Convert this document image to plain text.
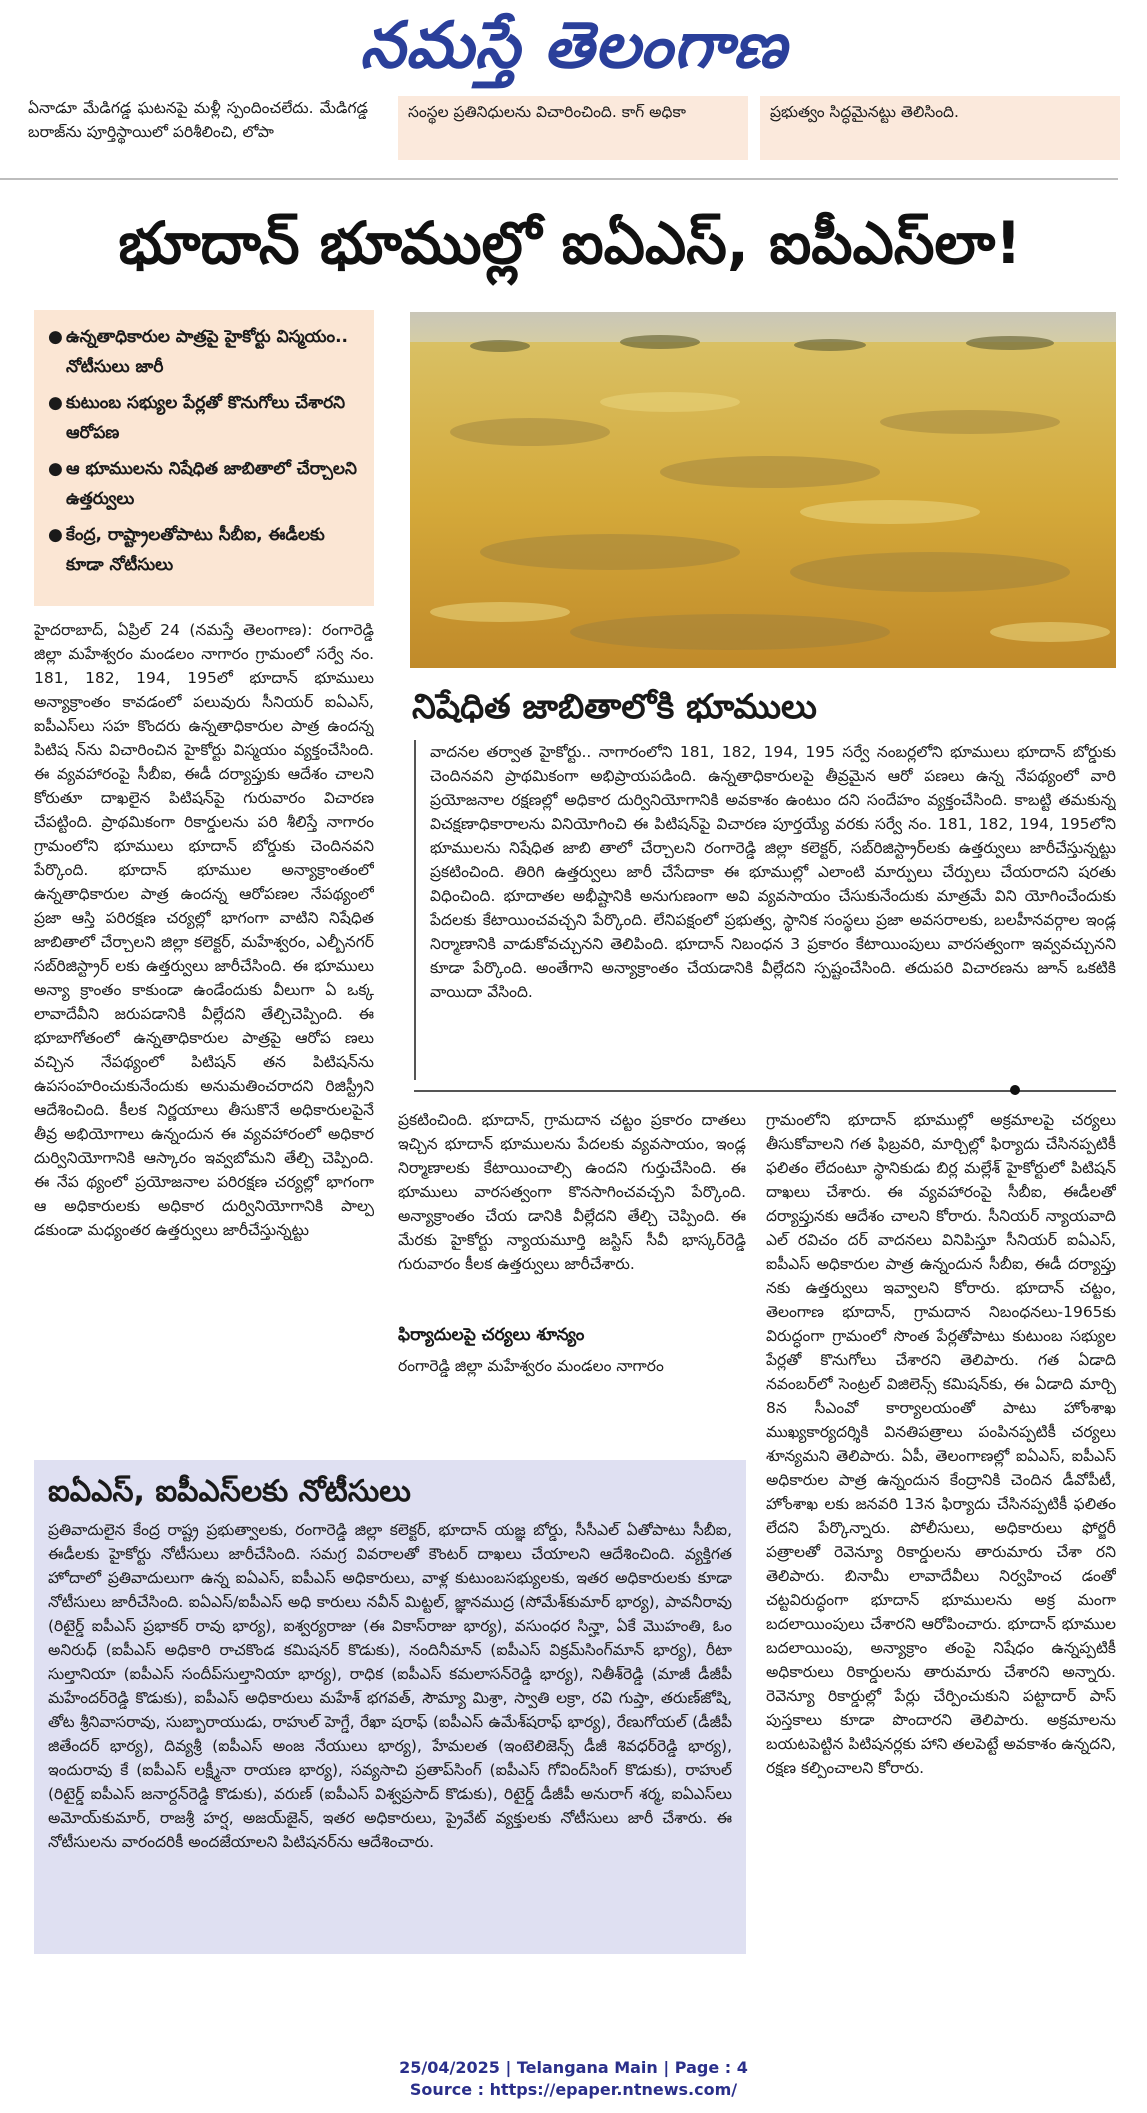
నమస్తే తెలంగాణ
ఏనాడూ మేడిగడ్డ ఘటనపై మళ్లీ స్పందించలేదు. మేడిగడ్డ బరాజ్‌ను పూర్తిస్థాయిలో పరిశీలించి, లోపా
సంస్థల ప్రతినిధులను విచారించింది. కాగ్ అధికా	ప్రభుత్వం సిద్ధమైనట్టు తెలిసింది.
భూదాన్ భూముల్లో ఐఏఎస్, ఐపీఎస్‌లా!
● ఉన్నతాధికారుల పాత్రపై హైకోర్టు విస్మయం.. నోటీసులు జారీ
● కుటుంబ సభ్యుల పేర్లతో కొనుగోలు చేశారని ఆరోపణ
● ఆ భూములను నిషేధిత జాబితాలో చేర్చాలని ఉత్తర్వులు
● కేంద్ర, రాష్ట్రాలతోపాటు సీబీఐ, ఈడీలకు కూడా నోటీసులు
నిషేధిత జాబితాలోకి భూములు
హైదరాబాద్, ఏప్రిల్ 24 (నమస్తే తెలంగాణ): రంగారెడ్డి జిల్లా మహేశ్వరం మండలం నాగారం గ్రామంలో సర్వే నం. 181, 182, 194, 195లో భూదాన్ భూములు అన్యాక్రాంతం కావడంలో పలువురు సీనియర్ ఐఏఎస్, ఐపీఎస్‌లు సహ కొందరు ఉన్నతాధికారుల పాత్ర ఉందన్న పిటిష న్‌ను విచారించిన హైకోర్టు విస్మయం వ్యక్తంచేసింది. ఈ వ్యవహారంపై సీబీఐ, ఈడీ దర్యాప్తుకు ఆదేశం చాలని కోరుతూ దాఖలైన పిటిషన్‌పై గురువారం విచారణ చేపట్టింది. ప్రాథమికంగా రికార్డులను పరి శీలిస్తే నాగారం గ్రామంలోని భూములు భూదాన్ బోర్డుకు చెందినవని పేర్కొంది. భూదాన్ భూముల అన్యాక్రాంతంలో ఉన్నతాధికారుల పాత్ర ఉందన్న ఆరోపణల నేపథ్యంలో ప్రజా ఆస్తి పరిరక్షణ చర్యల్లో భాగంగా వాటిని నిషేధిత జాబితాలో చేర్చాలని జిల్లా కలెక్టర్, మహేశ్వరం, ఎల్బీనగర్ సబ్‌రిజిస్ట్రార్‌ లకు ఉత్తర్వులు జారీచేసింది. ఈ భూములు అన్యా క్రాంతం కాకుండా ఉండేందుకు వీలుగా ఏ ఒక్క లావాదేవీని జరుపడానికి వీల్లేదని తేల్చిచెప్పింది. ఈ భూబాగోతంలో ఉన్నతాధికారుల పాత్రపై ఆరోప ణలు వచ్చిన నేపథ్యంలో పిటిషన్ తన పిటిషన్‌ను ఉపసంహరించుకునేందుకు అనుమతించరాదని రిజిస్ట్రీని ఆదేశించింది. కీలక నిర్ణయాలు తీసుకొనే అధికారులపైనే తీవ్ర అభియోగాలు ఉన్నందున ఈ వ్యవహారంలో అధికార దుర్వినియోగానికి ఆస్కారం ఇవ్వబోమని తేల్చి చెప్పింది. ఈ నేప థ్యంలో ప్రయోజనాల పరిరక్షణ చర్యల్లో భాగంగా ఆ అధికారులకు అధికార దుర్వినియోగానికి పాల్ప డకుండా మధ్యంతర ఉత్తర్వులు జారీచేస్తున్నట్టు
వాదనల తర్వాత హైకోర్టు.. నాగారంలోని 181, 182, 194, 195 సర్వే నంబర్లలోని భూములు భూదాన్ బోర్డుకు చెందినవని ప్రాథమికంగా అభిప్రాయపడింది. ఉన్నతాధికారులపై తీవ్రమైన ఆరో పణలు ఉన్న నేపథ్యంలో వారి ప్రయోజనాల రక్షణల్లో అధికార దుర్వినియోగానికి అవకాశం ఉంటుం దని సందేహం వ్యక్తంచేసింది. కాబట్టి తమకున్న విచక్షణాధికారాలను వినియోగించి ఈ పిటిషన్‌పై విచారణ పూర్తయ్యే వరకు సర్వే నం. 181, 182, 194, 195లోని భూములను నిషేధిత జాబి తాలో చేర్చాలని రంగారెడ్డి జిల్లా కలెక్టర్, సబ్‌రిజిస్ట్రార్‌లకు ఉత్తర్వులు జారీచేస్తున్నట్టు ప్రకటించింది. తిరిగి ఉత్తర్వులు జారీ చేసేదాకా ఈ భూముల్లో ఎలాంటి మార్పులు చేర్పులు చేయరాదని షరతు విధించింది. భూదాతల అభీష్టానికి అనుగుణంగా అవి వ్యవసాయం చేసుకునేందుకు మాత్రమే విని యోగించేందుకు పేదలకు కేటాయించవచ్చని పేర్కొంది. లేనిపక్షంలో ప్రభుత్వ, స్థానిక సంస్థలు ప్రజా అవసరాలకు, బలహీనవర్గాల ఇండ్ల నిర్మాణానికి వాడుకోవచ్చునని తెలిపింది. భూదాన్ నిబంధన 3 ప్రకారం కేటాయింపులు వారసత్వంగా ఇవ్వవచ్చునని కూడా పేర్కొంది. అంతేగాని అన్యాక్రాంతం చేయడానికి వీల్లేదని స్పష్టంచేసింది. తదుపరి విచారణను జూన్ ఒకటికి వాయిదా వేసింది.
ప్రకటించింది. భూదాన్, గ్రామదాన చట్టం ప్రకారం దాతలు ఇచ్చిన భూదాన్ భూములను పేదలకు వ్యవసాయం, ఇండ్ల నిర్మాణాలకు కేటాయించాల్సి ఉందని గుర్తుచేసింది. ఈ భూములు వారసత్వంగా కొనసాగించవచ్చని పేర్కొంది. అన్యాక్రాంతం చేయ డానికి వీల్లేదని తేల్చి చెప్పింది. ఈ మేరకు హైకోర్టు న్యాయమూర్తి జస్టిస్ సీవీ భాస్కర్‌రెడ్డి గురువారం కీలక ఉత్తర్వులు జారీచేశారు.
ఫిర్యాదులపై చర్యలు శూన్యం
రంగారెడ్డి జిల్లా మహేశ్వరం మండలం నాగారం
గ్రామంలోని భూదాన్ భూముల్లో అక్రమాలపై చర్యలు తీసుకోవాలని గత ఫిబ్రవరి, మార్చిల్లో ఫిర్యాదు చేసినప్పటికీ ఫలితం లేదంటూ స్థానికుడు బిర్ల మల్లేశ్ హైకోర్టులో పిటిషన్ దాఖలు చేశారు. ఈ వ్యవహారంపై సీబీఐ, ఈడీలతో దర్యాప్తునకు ఆదేశం చాలని కోరారు. సీనియర్ న్యాయవాది ఎల్ రవిచం దర్ వాదనలు వినిపిస్తూ సీనియర్ ఐఏఎస్, ఐపీఎస్ అధికారుల పాత్ర ఉన్నందున సీబీఐ, ఈడీ దర్యాప్తు నకు ఉత్తర్వులు ఇవ్వాలని కోరారు. భూదాన్ చట్టం, తెలంగాణ భూదాన్, గ్రామదాన నిబంధనలు-1965కు విరుద్ధంగా గ్రామంలో సొంత పేర్లతోపాటు కుటుంబ సభ్యుల పేర్లతో కొనుగోలు చేశారని తెలిపారు. గత ఏడాది నవంబర్‌లో సెంట్రల్ విజిలెన్స్ కమిషన్‌కు, ఈ ఏడాది మార్చి 8న సీఎంవో కార్యాలయంతో పాటు హోంశాఖ ముఖ్యకార్యదర్శికి వినతిపత్రాలు పంపినప్పటికీ చర్యలు శూన్యమని తెలిపారు. ఏపీ, తెలంగాణల్లో ఐఏఎస్, ఐపీఎస్ అధికారుల పాత్ర ఉన్నందున కేంద్రానికి చెందిన డీవోపీటీ, హోంశాఖ లకు జనవరి 13న ఫిర్యాదు చేసినప్పటికీ ఫలితం లేదని పేర్కొన్నారు. పోలీసులు, అధికారులు ఫోర్జరీ పత్రాలతో రెవెన్యూ రికార్డులను తారుమారు చేశా రని తెలిపారు. బినామీ లావాదేవీలు నిర్వహించ డంతో చట్టవిరుద్ధంగా భూదాన్ భూములను అక్ర మంగా బదలాయింపులు చేశారని ఆరోపించారు. భూదాన్ భూముల బదలాయింపు, అన్యాక్రాం తంపై నిషేధం ఉన్నప్పటికీ అధికారులు రికార్డులను తారుమారు చేశారని అన్నారు. రెవెన్యూ రికార్డుల్లో పేర్లు చేర్పించుకుని పట్టాదార్ పాస్ పుస్తకాలు కూడా పొందారని తెలిపారు. అక్రమాలను బయటపెట్టిన పిటిషనర్లకు హాని తలపెట్టే అవకాశం ఉన్నదని, రక్షణ కల్పించాలని కోరారు.
ఐఏఎస్, ఐపీఎస్‌లకు నోటీసులు
ప్రతివాదులైన కేంద్ర రాష్ట్ర ప్రభుత్వాలకు, రంగారెడ్డి జిల్లా కలెక్టర్, భూదాన్ యజ్ఞ బోర్డు, సీసీఎల్ ఏతోపాటు సీబీఐ, ఈడీలకు హైకోర్టు నోటీసులు జారీచేసింది. సమగ్ర వివరాలతో కౌంటర్ దాఖలు చేయాలని ఆదేశించింది. వ్యక్తిగత హోదాలో ప్రతివాదులుగా ఉన్న ఐఏఎస్, ఐపీఎస్ అధికారులు, వాళ్ల కుటుంబసభ్యులకు, ఇతర అధికారులకు కూడా నోటీసులు జారీచేసింది. ఐఏఎస్/ఐపీఎస్ అధి కారులు నవీన్ మిట్టల్, జ్ఞానముద్ర (సోమేశ్‌కుమార్ భార్య), పావనీరావు (రిటైర్డ్ ఐపీఎస్ ప్రభాకర్ రావు భార్య), ఐశ్వర్యరాజు (ఈ వికాస్‌రాజు భార్య), వసుంధర సిన్హా, ఏకే మొహంతి, ఓం అనిరుధ్ (ఐపీఎస్ అధికారి రాచకొండ కమిషనర్ కొడుకు), నందినీమాన్ (ఐపీఎస్ విక్రమ్‌సింగ్‌మాన్ భార్య), రీటా సుల్తానియా (ఐపీఎస్ సందీప్‌సుల్తానియా భార్య), రాధిక (ఐపీఎస్ కమలాసన్‌రెడ్డి భార్య), నితీశ్‌రెడ్డి (మాజీ డీజీపీ మహేందర్‌రెడ్డి కొడుకు), ఐపీఎస్ అధికారులు మహేశ్ భగవత్, సౌమ్యా మిశ్రా, స్వాతి లక్రా, రవి గుప్తా, తరుణ్‌జోషి, తోట శ్రీనివాసరావు, సుబ్బారాయుడు, రాహుల్ హెగ్డే, రేఖా షరాఫ్ (ఐపీఎస్ ఉమేశ్‌షరాఫ్ భార్య), రేణుగోయల్ (డీజీపీ జితేందర్ భార్య), దివ్యశ్రీ (ఐపీఎస్ అంజ నేయులు భార్య), హేమలత (ఇంటెలిజెన్స్ డీజీ శివధర్‌రెడ్డి భార్య), ఇందురావు కే (ఐపీఎస్ లక్ష్మీనా రాయణ భార్య), సవ్యసాచి ప్రతాప్‌సింగ్ (ఐపీఎస్ గోవింద్‌సింగ్ కొడుకు), రాహుల్ (రిటైర్డ్ ఐపీఎస్ జనార్దన్‌రెడ్డి కొడుకు), వరుణ్ (ఐపీఎస్ విశ్వప్రసాద్ కొడుకు), రిటైర్డ్ డీజీపీ అనురాగ్ శర్మ, ఐఏఎస్‌లు అమోయ్‌కుమార్, రాజశ్రీ హర్ష, అజయ్‌జైన్, ఇతర అధికారులు, ప్రైవేట్ వ్యక్తులకు నోటీసులు జారీ చేశారు. ఈ నోటీసులను వారందరికీ అందజేయాలని పిటిషనర్‌ను ఆదేశించారు.
25/04/2025 | Telangana Main | Page : 4
Source : https://epaper.ntnews.com/
